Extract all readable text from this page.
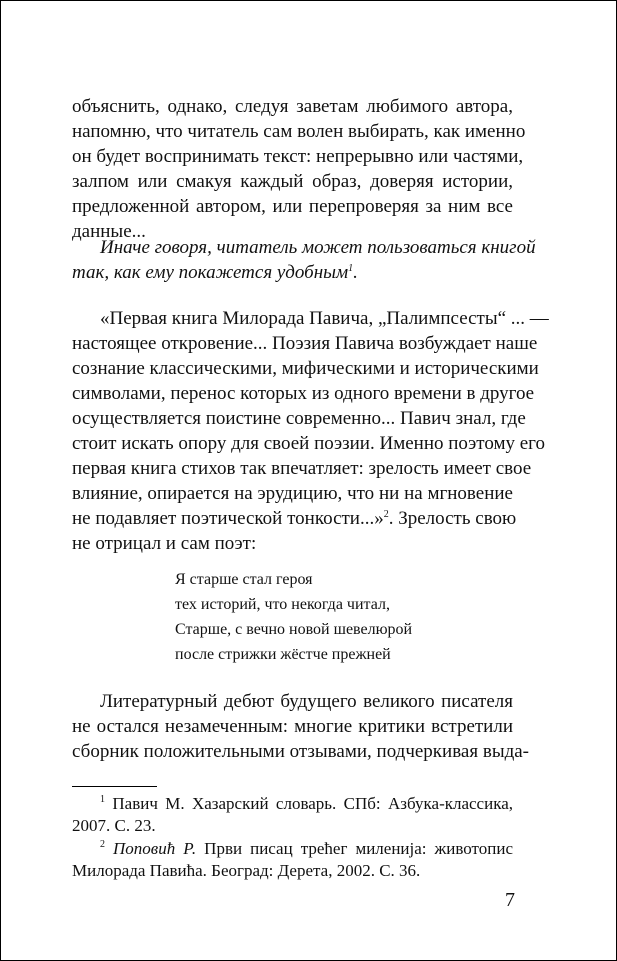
объяснить, однако, следуя заветам любимого автора,
напомню, что читатель сам волен выбирать, как именно
он будет воспринимать текст: непрерывно или частями,
залпом или смакуя каждый образ, доверяя истории,
предложенной автором, или перепроверяя за ним все
данные...
Иначе говоря, читатель может пользоваться книгой
так, как ему покажется удобным$^1$.
«Первая книга Милорада Павича, „Палимпсесты“ ... —
настоящее откровение... Поэзия Павича возбуждает наше
сознание классическими, мифическими и историческими
символами, перенос которых из одного времени в другое
осуществляется поистине современно... Павич знал, где
стоит искать опору для своей поэзии. Именно поэтому его
первая книга стихов так впечатляет: зрелость имеет свое
влияние, опирается на эрудицию, что ни на мгновение
не подавляет поэтической тонкости...»$^2$. Зрелость свою
не отрицал и сам поэт:
Я старше стал героя
тех историй, что некогда читал,
Старше, с вечно новой шевелюрой
после стрижки жёстче прежней
Литературный дебют будущего великого писателя
не остался незамеченным: многие критики встретили
сборник положительными отзывами, подчеркивая выда-
$^1$ Павич М. Хазарский словарь. СПб: Азбука-классика,
2007. С. 23.
$^2$ Поповић Р. Први писац трећег миленија: животопис
Милорада Павића. Београд: Дерета, 2002. С. 36.
7
